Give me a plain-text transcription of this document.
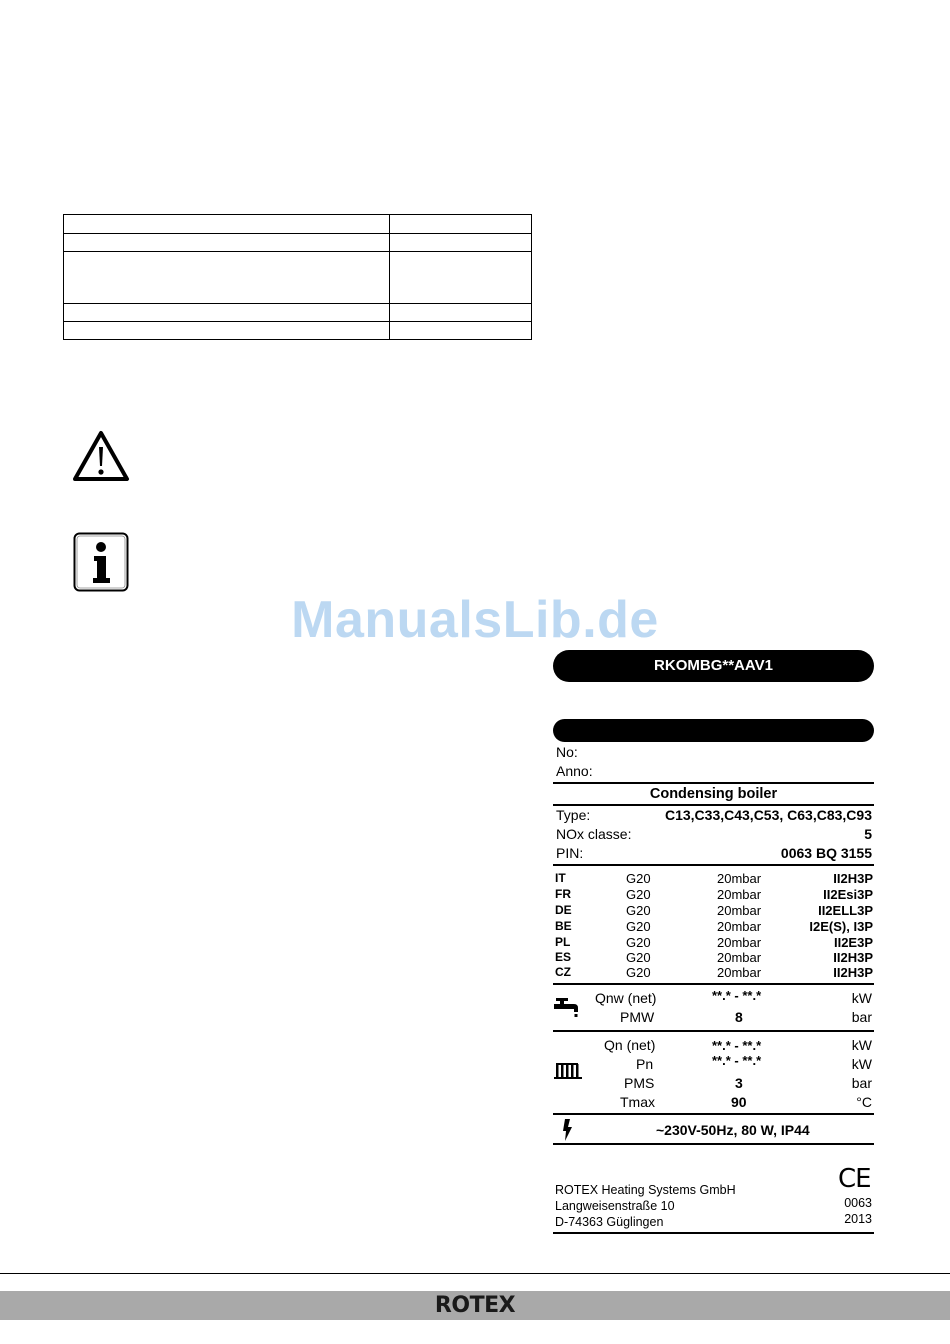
ManualsLib.de
RKOMBG**AAV1
No:
Anno:
Condensing boiler
Type:	C13,C33,C43,C53, C63,C83,C93
NOx classe:	5
PIN:	0063 BQ 3155
IT	G20	20mbar	II2H3P
FR	G20	20mbar	II2Esi3P
DE	G20	20mbar	II2ELL3P
BE	G20	20mbar	I2E(S), I3P
PL	G20	20mbar	II2E3P
ES	G20	20mbar	II2H3P
CZ	G20	20mbar	II2H3P
Qnw (net)	**.* - **.*	kW
PMW	8	bar
Qn (net)	**.* - **.*	kW
Pn	**.* - **.*	kW
PMS	3	bar
Tmax	90	°C
~230V-50Hz, 80 W, IP44
ROTEX Heating Systems GmbH
Langweisenstraße 10
D-74363 Güglingen
CE
0063
2013
ROTEX
